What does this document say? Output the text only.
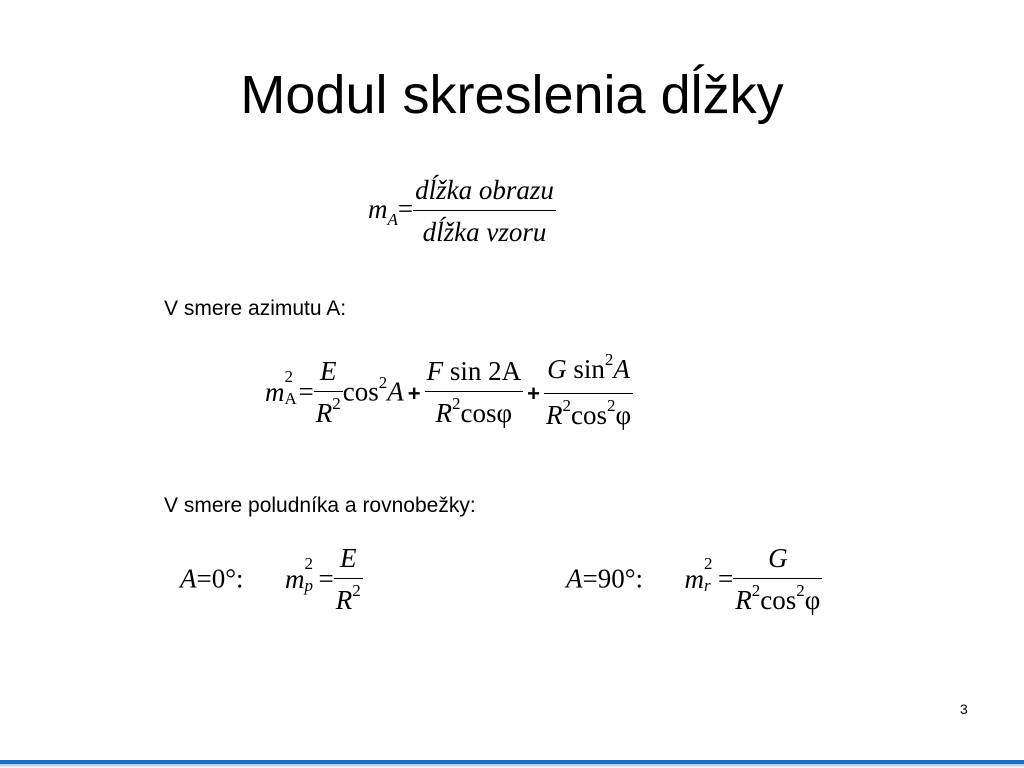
Modul skreslenia dĺžky
$m_A= \frac{\text{dĺžka obrazu}}{\text{dĺžka vzoru}}$
V smere azimutu A:
m
2
$A = \frac{E}{R^2} \cos^2A + \frac{\text{F sin 2A}}{R^2\cos\varphi} + \frac{G \sin^2A}{R^2\cos^2\varphi}$
V smere poludníka a rovnobežky:
A=0°: m
2
$p = \frac{E}{R^2}$	A=90°: m
2
$r = \frac{G}{R^2\cos^2\varphi}$
3
